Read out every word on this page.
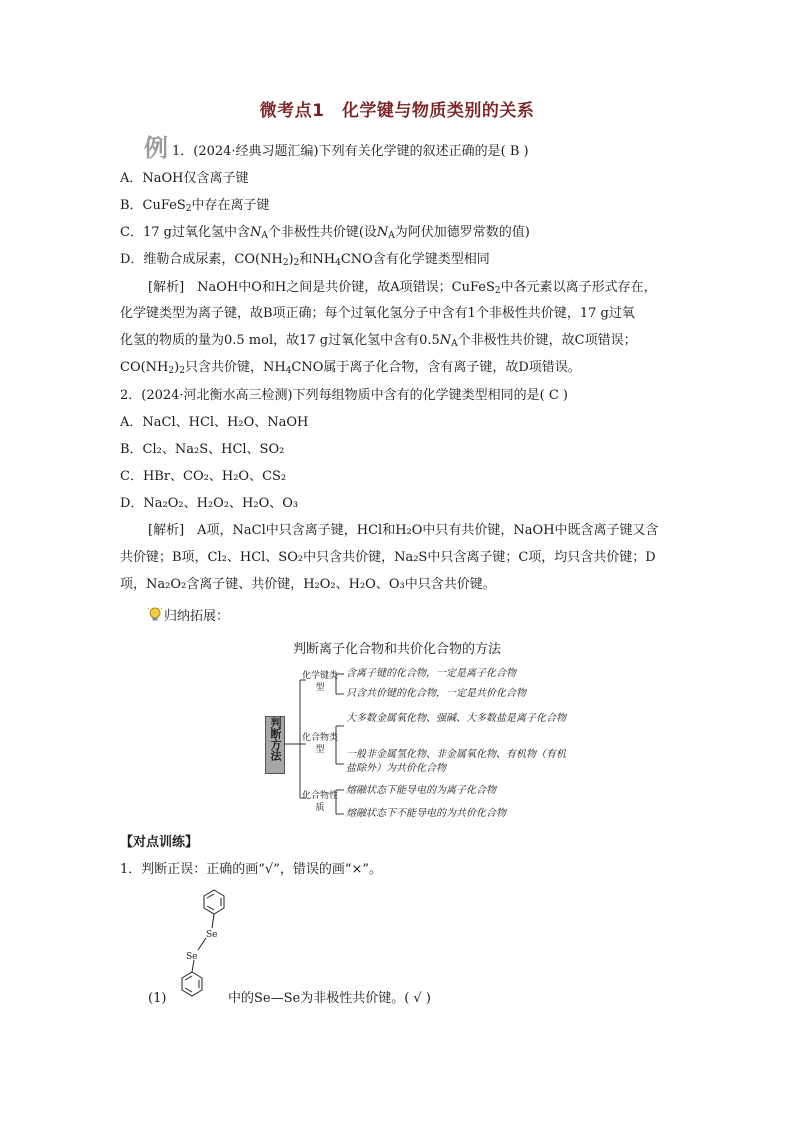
微考点1　化学键与物质类别的关系
例 1．(2024·经典习题汇编)下列有关化学键的叙述正确的是( B )
A．NaOH仅含离子键
B．CuFeS$_2$中存在离子键
C．17 g过氧化氢中含$N_A$个非极性共价键(设$N_A$为阿伏加德罗常数的值)
D．维勒合成尿素，$CO(NH_2)_2$和$NH_4CNO$含有化学键类型相同
[解析]　NaOH中O和H之间是共价键，故A项错误；CuFeS$_2$中各元素以离子形式存在，
化学键类型为离子键，故B项正确；每个过氧化氢分子中含有1个非极性共价键，17 g过氧
化氢的物质的量为0.5 mol，故17 g过氧化氢中含有$0.5N_A$个非极性共价键，故C项错误；
$CO(NH_2)_2$只含共价键，$NH_4CNO$属于离子化合物，含有离子键，故D项错误。
2．(2024·河北衡水高三检测)下列每组物质中含有的化学键类型相同的是( C )
A．NaCl、HCl、H₂O、NaOH
B．Cl₂、Na₂S、HCl、SO₂
C．HBr、CO₂、H₂O、CS₂
D．Na₂O₂、H₂O₂、H₂O、O₃
[解析]　A项，NaCl中只含离子键，HCl和H₂O中只有共价键，NaOH中既含离子键又含
共价键；B项，Cl₂、HCl、SO₂中只含共价键，Na₂S中只含离子键；C项，均只含共价键；D
项，Na₂O₂含离子键、共价键，H₂O₂、H₂O、O₃中只含共价键。
归纳拓展：
判断离子化合物和共价化合物的方法
判断方法
化学键类型
化合物类型
化合物性质
含离子键的化合物，一定是离子化合物
只含共价键的化合物，一定是共价化合物
大多数金属氧化物、强碱、大多数盐是离子化合物
一般非金属氢化物、非金属氧化物、有机物（有机盐除外）为共价化合物
熔融状态下能导电的为离子化合物
熔融状态下不能导电的为共价化合物
【对点训练】
1．判断正误：正确的画“√”，错误的画“×”。
Se
Se
(1)	中的Se—Se为非极性共价键。( √ )
